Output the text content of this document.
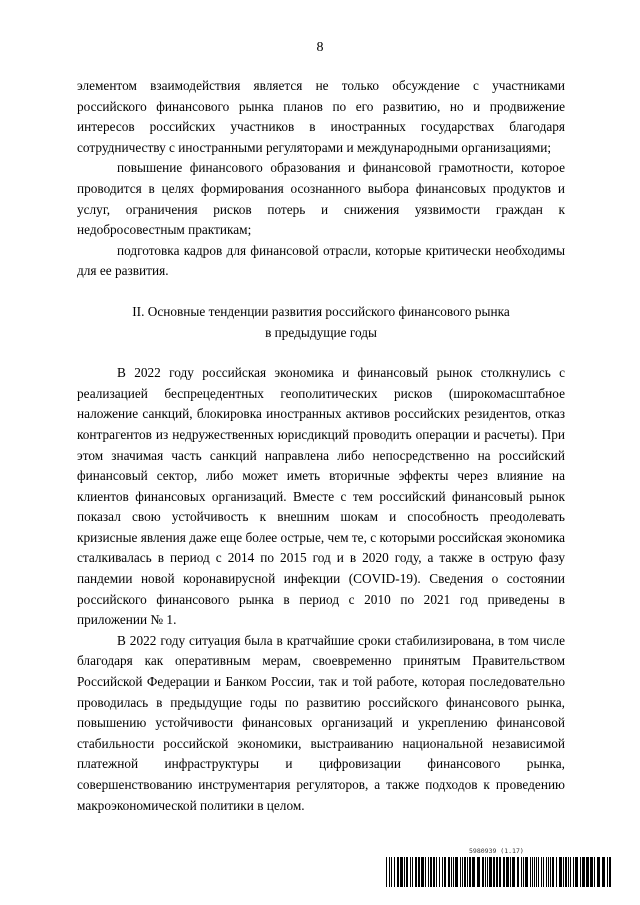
8

элементом взаимодействия является не только обсуждение с участниками российского финансового рынка планов по его развитию, но и продвижение интересов российских участников в иностранных государствах благодаря сотрудничеству с иностранными регуляторами и международными организациями;

повышение финансового образования и финансовой грамотности, которое проводится в целях формирования осознанного выбора финансовых продуктов и услуг, ограничения рисков потерь и снижения уязвимости граждан к недобросовестным практикам;

подготовка кадров для финансовой отрасли, которые критически необходимы для ее развития.

II. Основные тенденции развития российского финансового рынка
в предыдущие годы

В 2022 году российская экономика и финансовый рынок столкнулись с реализацией беспрецедентных геополитических рисков (широкомасштабное наложение санкций, блокировка иностранных активов российских резидентов, отказ контрагентов из недружественных юрисдикций проводить операции и расчеты). При этом значимая часть санкций направлена либо непосредственно на российский финансовый сектор, либо может иметь вторичные эффекты через влияние на клиентов финансовых организаций. Вместе с тем российский финансовый рынок показал свою устойчивость к внешним шокам и способность преодолевать кризисные явления даже еще более острые, чем те, с которыми российская экономика сталкивалась в период с 2014 по 2015 год и в 2020 году, а также в острую фазу пандемии новой коронавирусной инфекции (COVID-19). Сведения о состоянии российского финансового рынка в период с 2010 по 2021 год приведены в приложении № 1.

В 2022 году ситуация была в кратчайшие сроки стабилизирована, в том числе благодаря как оперативным мерам, своевременно принятым Правительством Российской Федерации и Банком России, так и той работе, которая последовательно проводилась в предыдущие годы по развитию российского финансового рынка, повышению устойчивости финансовых организаций и укреплению финансовой стабильности российской экономики, выстраиванию национальной независимой платежной инфраструктуры и цифровизации финансового рынка, совершенствованию инструментария регуляторов, а также подходов к проведению макроэкономической политики в целом.

5980939 (1.17)
